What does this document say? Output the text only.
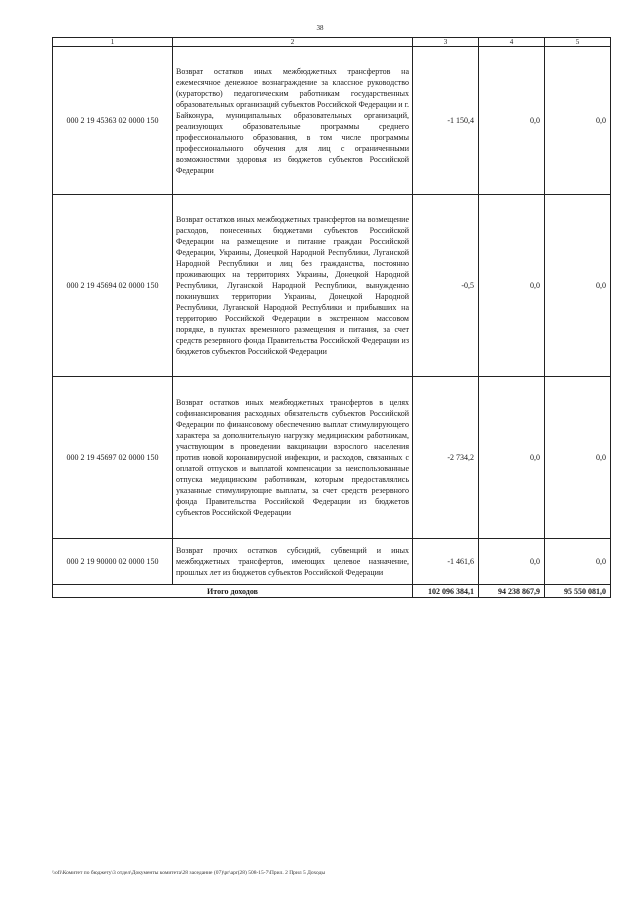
38
1	2	3	4	5
000 2 19 45363 02 0000 150	Возврат остатков иных межбюджетных трансфертов на ежемесячное денежное вознаграждение за классное руководство (кураторство) педагогическим работникам государственных образовательных организаций субъектов Российской Федерации и г. Байконура, муниципальных образовательных организаций, реализующих образовательные программы среднего профессионального образования, в том числе программы профессионального обучения для лиц с ограниченными возможностями здоровья из бюджетов субъектов Российской Федерации	-1 150,4	0,0	0,0
000 2 19 45694 02 0000 150	Возврат остатков иных межбюджетных трансфертов на возмещение расходов, понесенных бюджетами субъектов Российской Федерации на размещение и питание граждан Российской Федерации, Украины, Донецкой Народной Республики, Луганской Народной Республики и лиц без гражданства, постоянно проживающих на территориях Украины, Донецкой Народной Республики, Луганской Народной Республики, вынужденно покинувших территории Украины, Донецкой Народной Республики, Луганской Народной Республики и прибывших на территорию Российской Федерации в экстренном массовом порядке, в пунктах временного размещения и питания, за счет средств резервного фонда Правительства Российской Федерации из бюджетов субъектов Российской Федерации	-0,5	0,0	0,0
000 2 19 45697 02 0000 150	Возврат остатков иных межбюджетных трансфертов в целях софинансирования расходных обязательств субъектов Российской Федерации по финансовому обеспечению выплат стимулирующего характера за дополнительную нагрузку медицинским работникам, участвующим в проведении вакцинации взрослого населения против новой коронавирусной инфекции, и расходов, связанных с оплатой отпусков и выплатой компенсации за неиспользованные отпуска медицинским работникам, которым предоставлялись указанные стимулирующие выплаты, за счет средств резервного фонда Правительства Российской Федерации из бюджетов субъектов Российской Федерации	-2 734,2	0,0	0,0
000 2 19 90000 02 0000 150	Возврат прочих остатков субсидий, субвенций и иных межбюджетных трансфертов, имеющих целевое назначение, прошлых лет из бюджетов субъектов Российской Федерации	-1 461,6	0,0	0,0
Итого доходов		102 096 384,1	94 238 867,9	95 550 081,0
\\ofi\Комитет по бюджету\3 отдел\Документы комитета\28 заседание (07)\pr\apr(28) 508-15-7\Прил. 2 Прил 5 Доходы
